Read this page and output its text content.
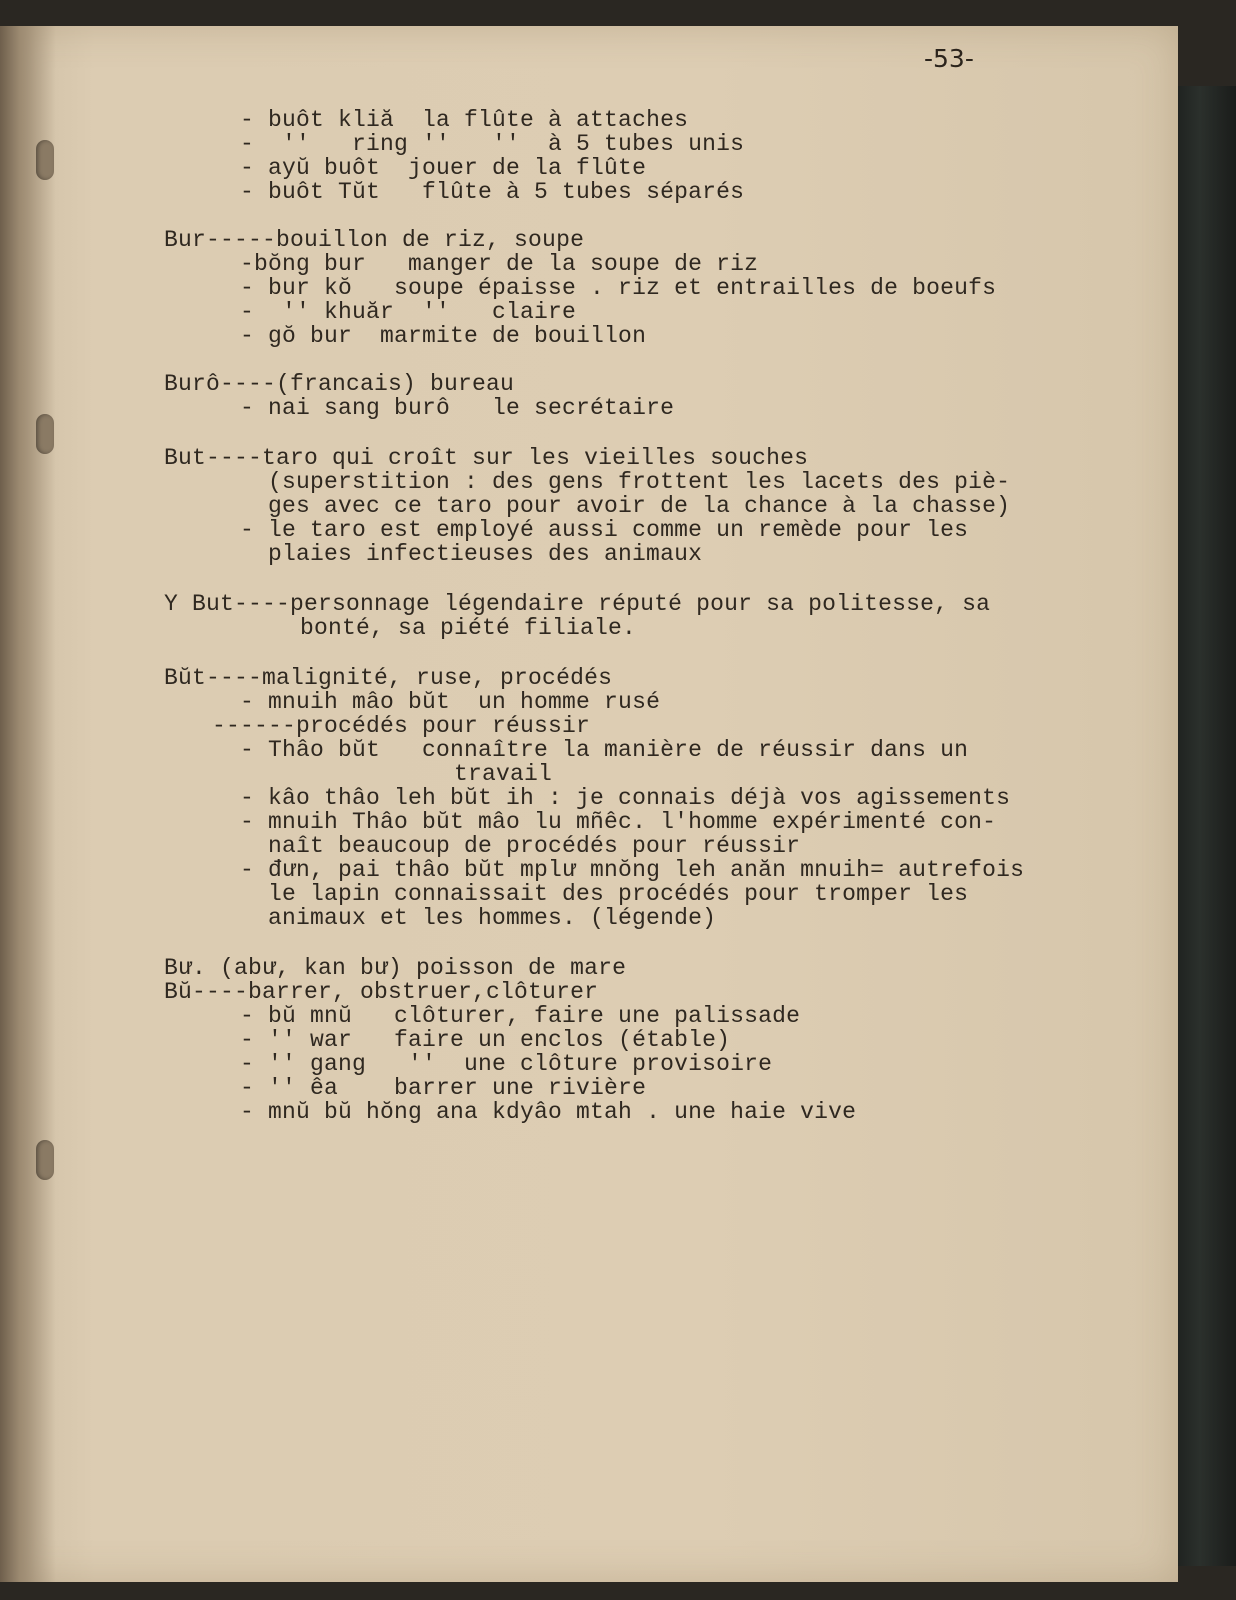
-53-
- buôt kliă  la flûte à attaches
-  ''   ring ''   ''  à 5 tubes unis
- ayŭ buôt  jouer de la flûte
- buôt Tŭt   flûte à 5 tubes séparés
Bur-----bouillon de riz, soupe
-bŏng bur   manger de la soupe de riz
- bur kŏ   soupe épaisse . riz et entrailles de boeufs
-  '' khuăr  ''   claire
- gŏ bur  marmite de bouillon
Burô----(francais) bureau
- nai sang burô   le secrétaire
But----taro qui croît sur les vieilles souches
(superstition : des gens frottent les lacets des piè-
ges avec ce taro pour avoir de la chance à la chasse)
- le taro est employé aussi comme un remède pour les
plaies infectieuses des animaux
Y But----personnage légendaire réputé pour sa politesse, sa
bonté, sa piété filiale.
Bŭt----malignité, ruse, procédés
- mnuih mâo bŭt  un homme rusé
------procédés pour réussir
- Thâo bŭt   connaître la manière de réussir dans un
travail
- kâo thâo leh bŭt ih : je connais déjà vos agissements
- mnuih Thâo bŭt mâo lu mñêc. l'homme expérimenté con-
naît beaucoup de procédés pour réussir
- đưn, pai thâo bŭt mplư mnŏng leh anăn mnuih= autrefois
le lapin connaissait des procédés pour tromper les
animaux et les hommes. (légende)
Bư. (abư, kan bư) poisson de mare
Bŭ----barrer, obstruer,clôturer
- bŭ mnŭ   clôturer, faire une palissade
- '' war   faire un enclos (étable)
- '' gang   ''  une clôture provisoire
- '' êa    barrer une rivière
- mnŭ bŭ hŏng ana kdyâo mtah . une haie vive
